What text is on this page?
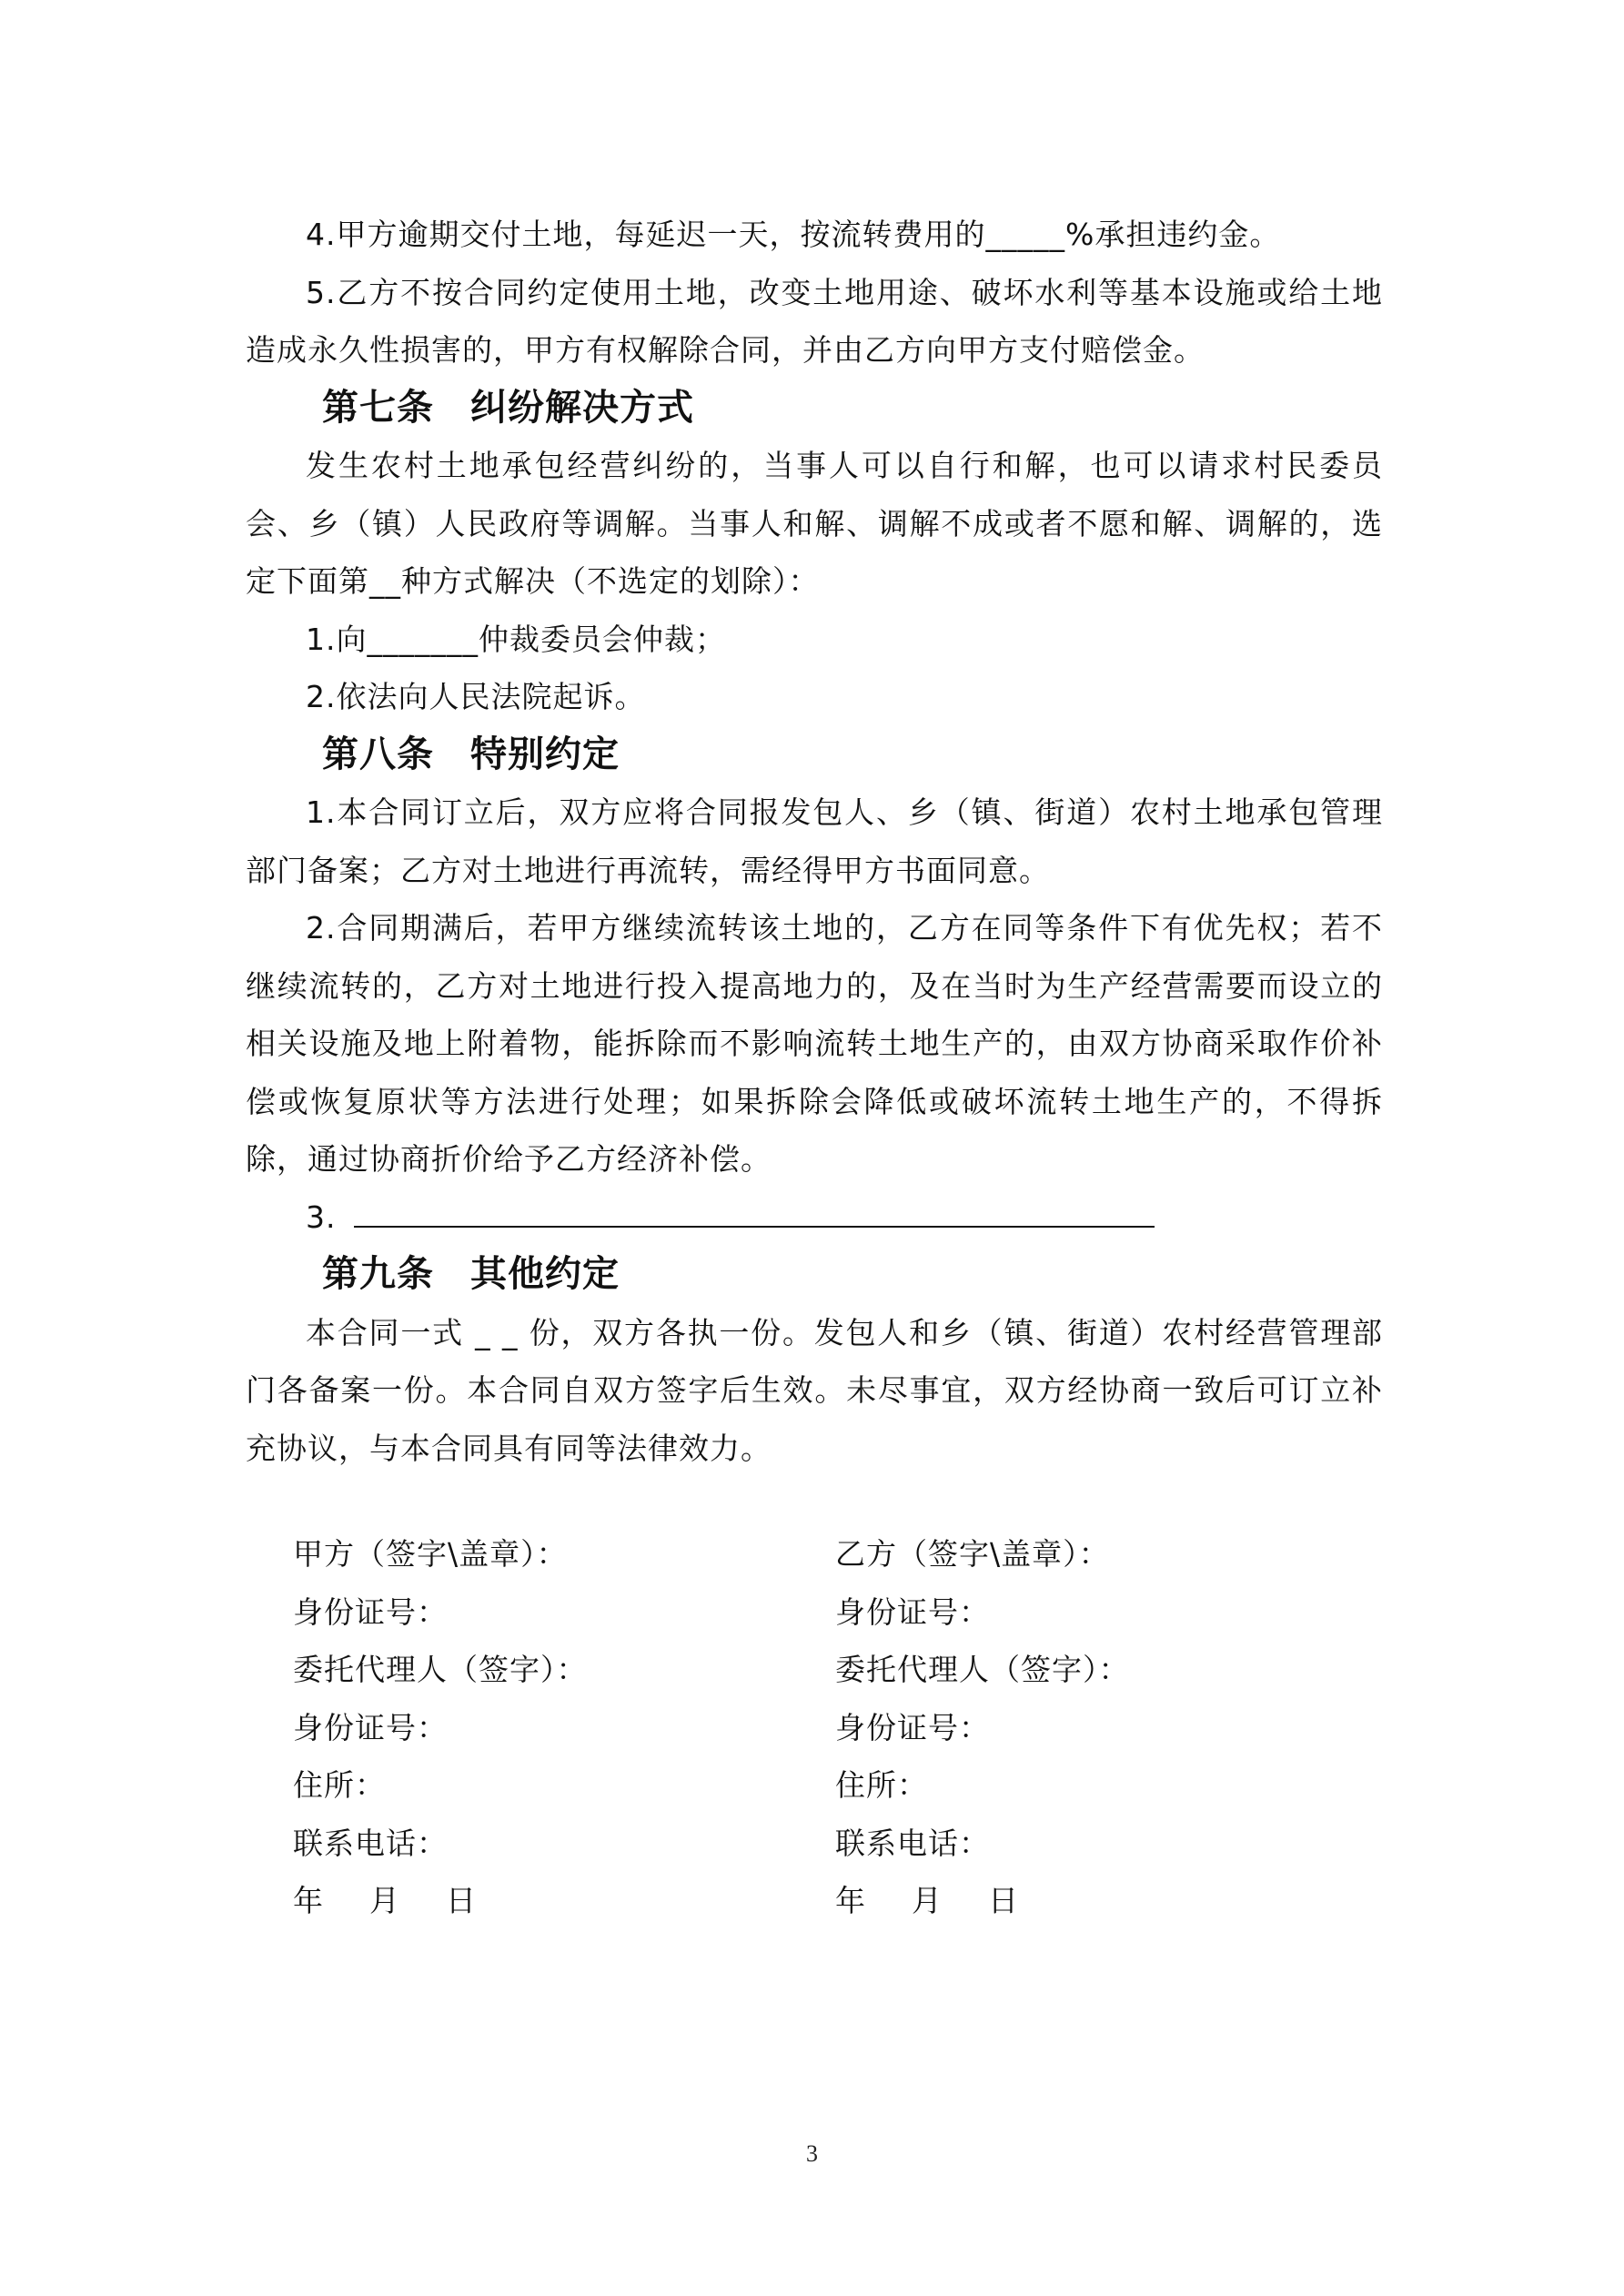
4.甲方逾期交付土地，每延迟一天，按流转费用的_____%承担违约金。

5.乙方不按合同约定使用土地，改变土地用途、破坏水利等基本设施或给土地造成永久性损害的，甲方有权解除合同，并由乙方向甲方支付赔偿金。

第七条 纠纷解决方式

发生农村土地承包经营纠纷的，当事人可以自行和解，也可以请求村民委员会、乡（镇）人民政府等调解。当事人和解、调解不成或者不愿和解、调解的，选定下面第__种方式解决（不选定的划除）：

1.向_______仲裁委员会仲裁；

2.依法向人民法院起诉。

第八条 特别约定

1.本合同订立后，双方应将合同报发包人、乡（镇、街道）农村土地承包管理部门备案；乙方对土地进行再流转，需经得甲方书面同意。

2.合同期满后，若甲方继续流转该土地的，乙方在同等条件下有优先权；若不继续流转的，乙方对土地进行投入提高地力的，及在当时为生产经营需要而设立的相关设施及地上附着物，能拆除而不影响流转土地生产的，由双方协商采取作价补偿或恢复原状等方法进行处理；如果拆除会降低或破坏流转土地生产的，不得拆除，通过协商折价给予乙方经济补偿。

3.

第九条 其他约定

本合同一式 _ _ 份，双方各执一份。发包人和乡（镇、街道）农村经营管理部门各备案一份。本合同自双方签字后生效。未尽事宜，双方经协商一致后可订立补充协议，与本合同具有同等法律效力。

甲方（签字\盖章）：

身份证号：

委托代理人（签字）：

身份证号：

住所：

联系电话：

年 月 日

乙方（签字\盖章）：

身份证号：

委托代理人（签字）：

身份证号：

住所：

联系电话：

年 月 日

3
